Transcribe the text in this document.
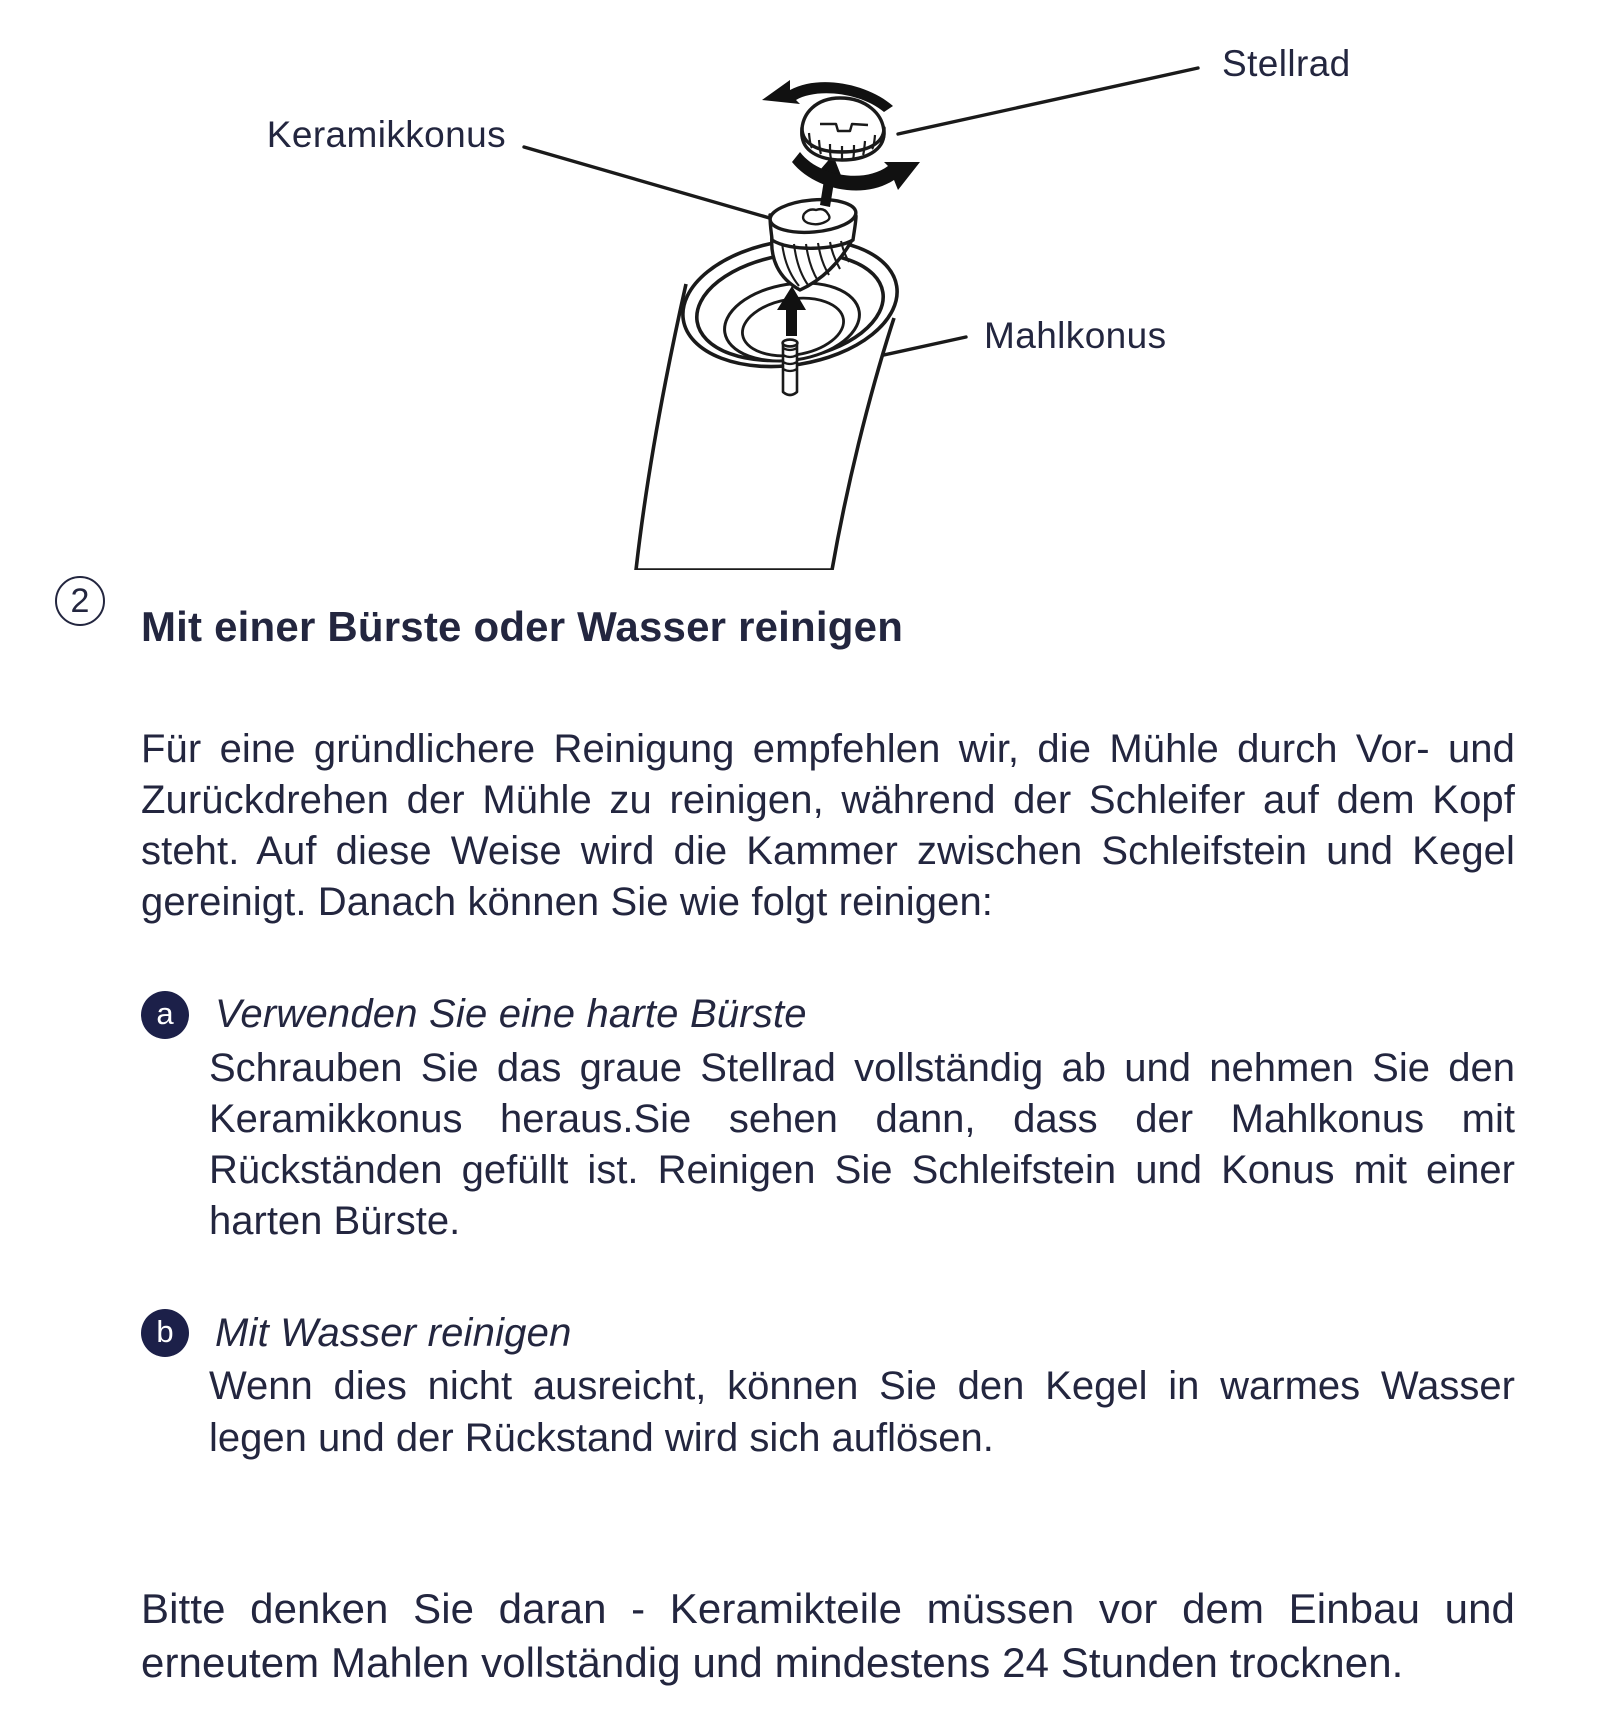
Stellrad
Keramikkonus
Mahlkonus
2
Mit einer Bürste oder Wasser reinigen

Für eine gründlichere Reinigung empfehlen wir, die Mühle durch Vor- und Zurückdrehen der Mühle zu reinigen, während der Schleifer auf dem Kopf steht. Auf diese Weise wird die Kammer zwischen Schleifstein und Kegel gereinigt. Danach können Sie wie folgt reinigen:

a	Verwenden Sie eine harte Bürste

Schrauben Sie das graue Stellrad vollständig ab und nehmen Sie den Keramikkonus heraus.Sie sehen dann, dass der Mahlkonus mit Rückständen gefüllt ist. Reinigen Sie Schleifstein und Konus mit einer harten Bürste.

b	Mit Wasser reinigen

Wenn dies nicht ausreicht, können Sie den Kegel in warmes Wasser legen und der Rückstand wird sich auflösen.

Bitte denken Sie daran - Keramikteile müssen vor dem Einbau und erneutem Mahlen vollständig und mindestens 24 Stunden trocknen.
